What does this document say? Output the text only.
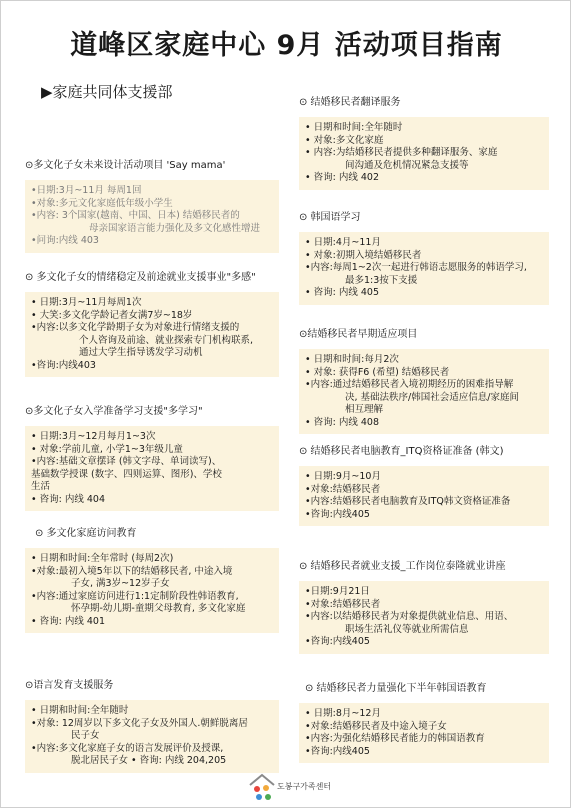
道峰区家庭中心 9月 活动项目指南
▶家庭共同体支援部
⊙多文化子女未来设计活动项目 'Say mama'
•日期:3月~11月 每周1回
•对象:多元文化家庭低年级小学生
•内容: 3个国家(越南、中国、日本) 结婚移民者的
母亲国家语言能力强化及多文化感性增进
•问询:内线 403
⊙ 多文化子女的情绪稳定及前途就业支援事业"多感"
• 日期:3月~11月每周1次
• 大笑:多文化学龄记者女满7岁~18岁
•内容:以多文化学龄期子女为对象进行情绪支援的
个人咨询及前途、就业探索专门机构联系,
通过大学生指导诱发学习动机
•咨询:内线403
⊙多文化子女入学准备学习支援"多学习"
• 日期:3月~12月每月1~3次
• 对象:学前儿童, 小学1~3年级儿童
•内容:基础文章摆译 (韩文字母、单词读写)、
基础数学授课 (数字、四则运算、图形)、学校
生活
• 咨询: 内线 404
⊙ 多文化家庭访问教育
• 日期和时间:全年常时 (每周2次)
•对象:最初入境5年以下的结婚移民者, 中途入境
子女, 满3岁~12岁子女
•内容:通过家庭访问进行1:1定制阶段性韩语教育,
怀孕期-幼儿期-童期父母教育, 多文化家庭
• 咨询: 内线 401
⊙语言发育支援服务
• 日期和时间:全年随时
•对象: 12周岁以下多文化子女及外国人.朝鲜脱离居
民子女
•内容:多文化家庭子女的语言发展评价及授课,
脱北居民子女 • 咨询: 内线 204,205
⊙ 结婚移民者翻译服务
• 日期和时间:全年随时
• 对象:多文化家庭
• 内容:为结婚移民者提供多种翻译服务、家庭
间沟通及危机情况紧急支援等
• 咨询: 内线 402
⊙ 韩国语学习
• 日期:4月~11月
• 对象:初期入境结婚移民者
•内容:每周1~2次一起进行韩语志愿服务的韩语学习,
最多1:3按下支援
• 咨询: 内线 405
⊙结婚移民者早期适应项目
• 日期和时间:每月2次
• 对象: 获得F6 (希望) 结婚移民者
•内容:通过结婚移民者入境初期经历的困难指导解
决, 基础法秩序/韩国社会适应信息/家庭间
相互理解
• 咨询: 内线 408
⊙ 结婚移民者电脑教育_ITQ资格证准备 (韩文)
• 日期:9月~10月
•对象:结婚移民者
•内容:结婚移民者电脑教育及ITQ韩文资格证准备
•咨询:内线405
⊙ 结婚移民者就业支援_工作岗位泰隆就业讲座
•日期:9月21日
•对象:结婚移民者
•内容:以结婚移民者为对象提供就业信息、用语、
职场生活礼仪等就业所需信息
•咨询:内线405
⊙ 结婚移民者力量强化下半年韩国语教育
• 日期:8月~12月
•对象:结婚移民者及中途入境子女
•内容:为强化结婚移民者能力的韩国语教育
•咨询:内线405
도봉구가족센터
